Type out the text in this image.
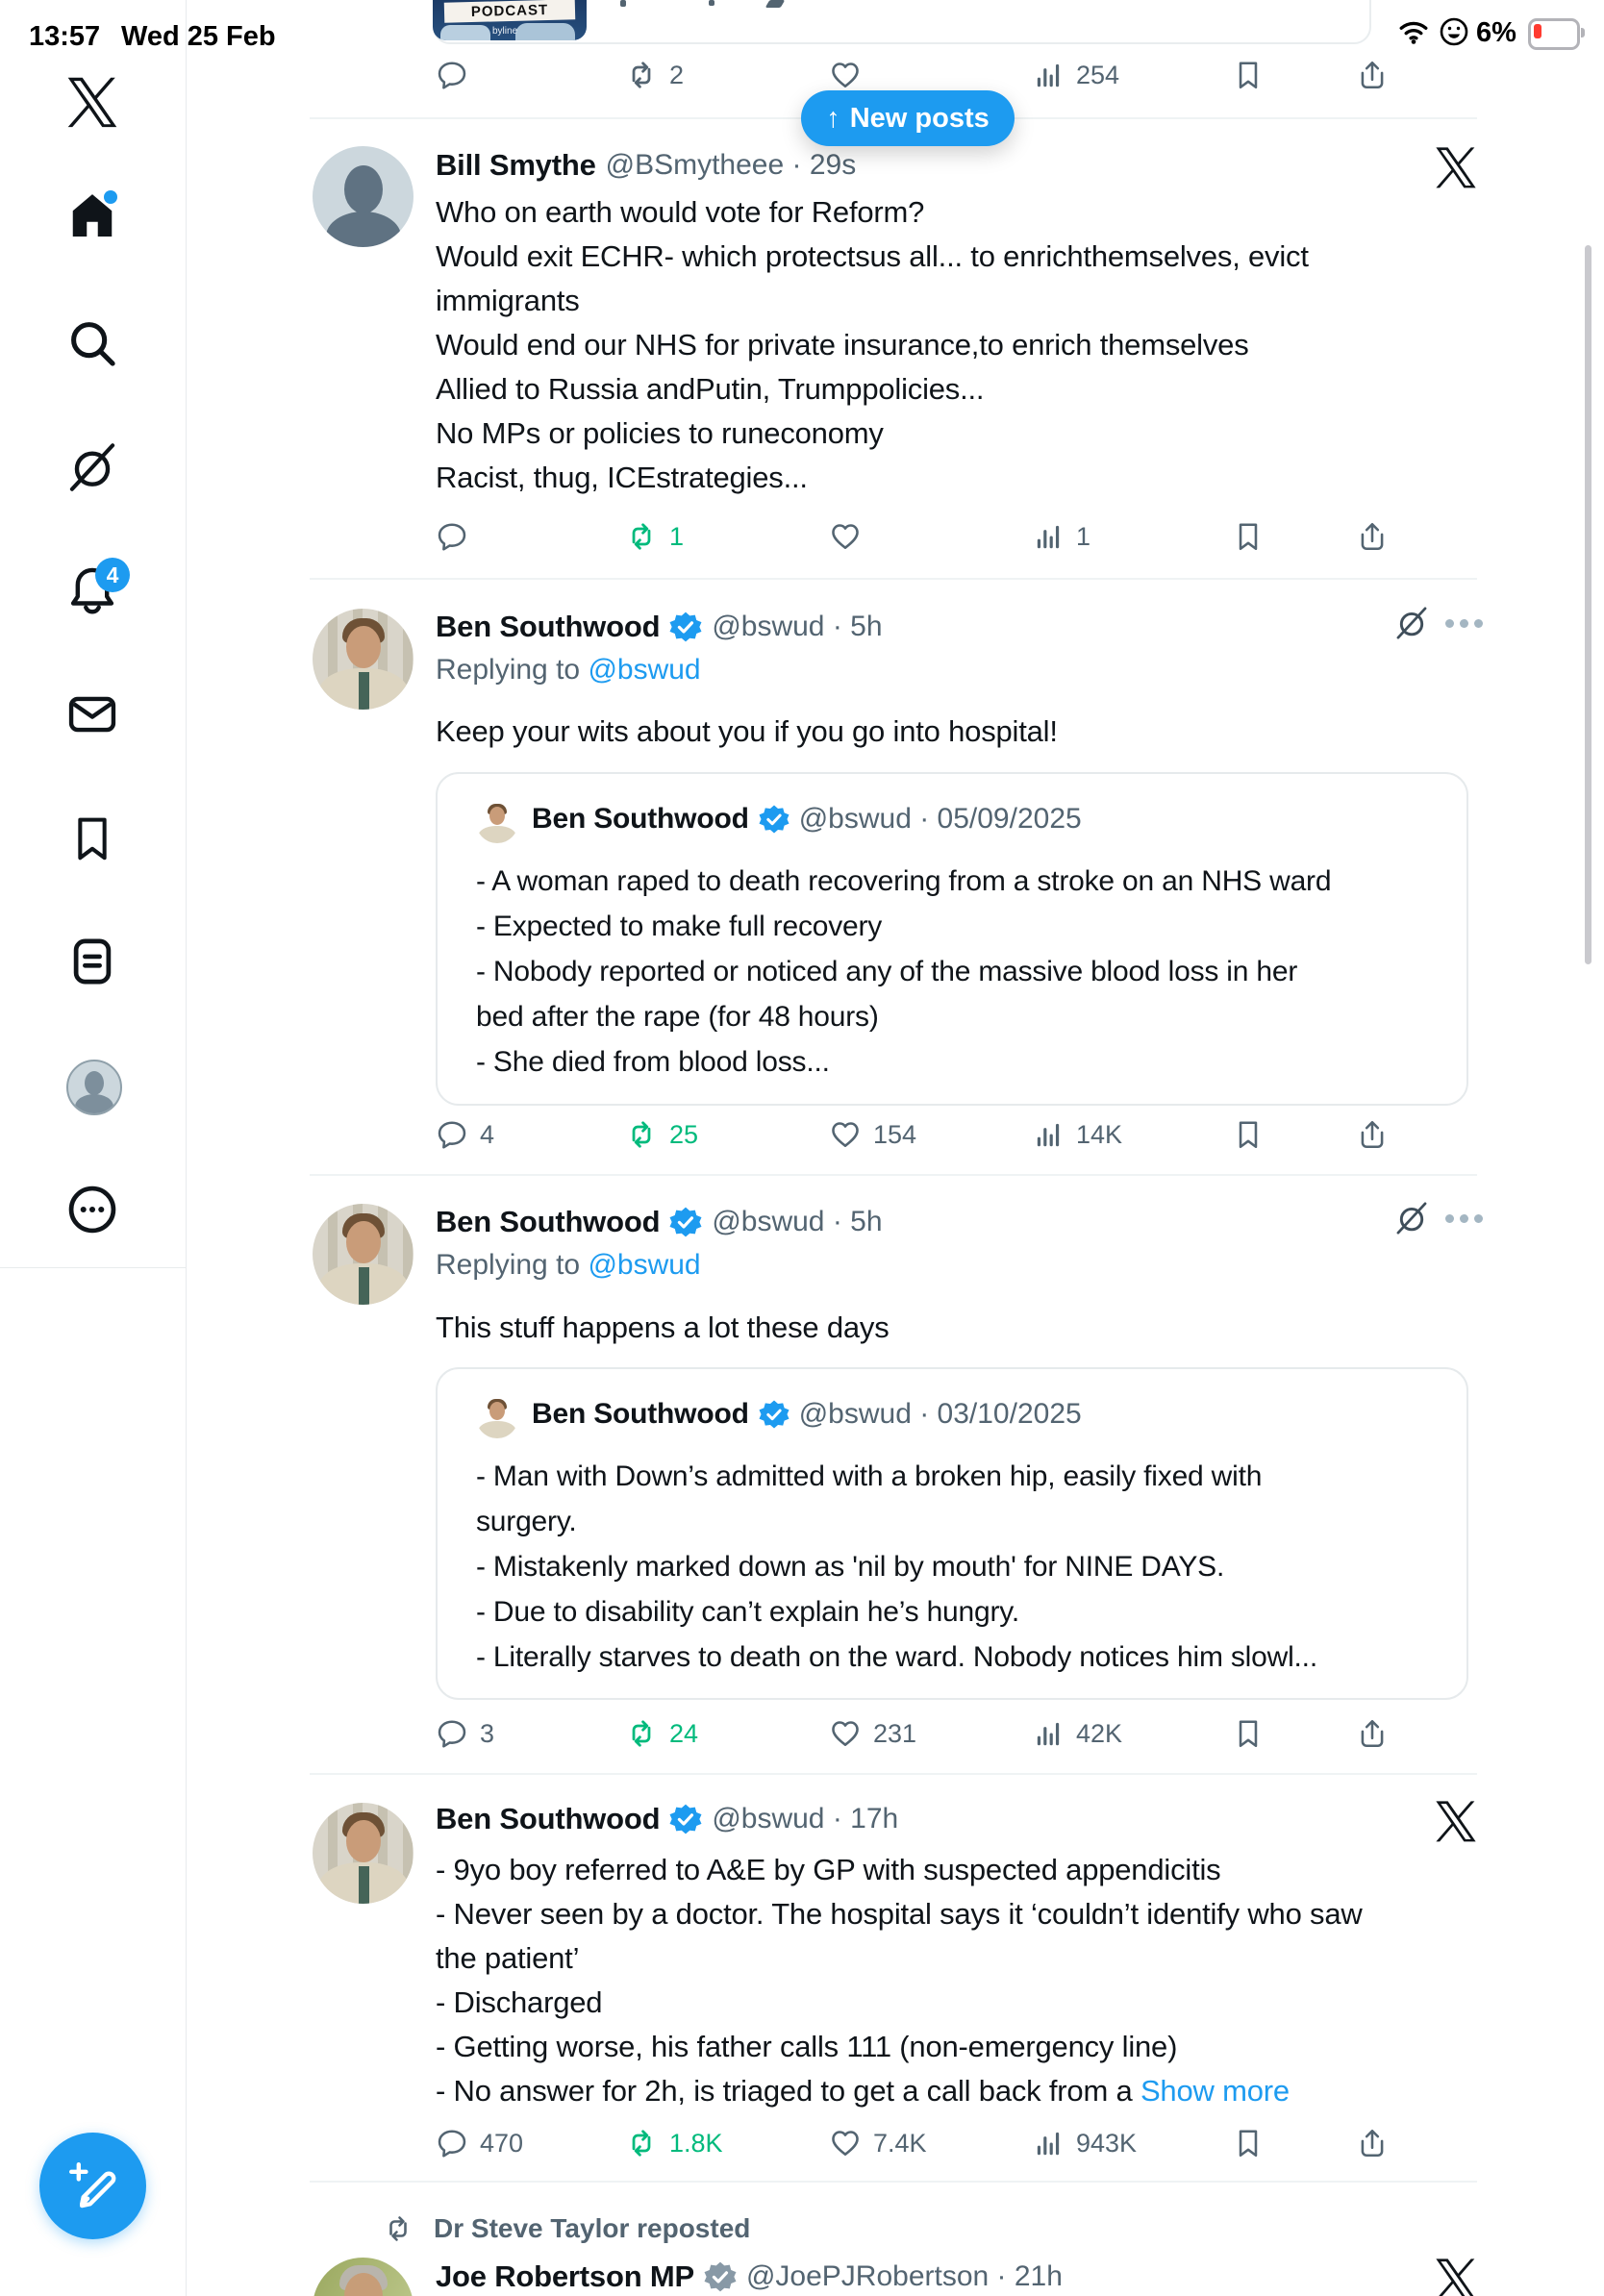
4
PODCAST
byline
2	254
↑ New posts
Bill Smythe @BSmytheee · 29s
Who on earth would vote for Reform?
Would exit ECHR- which protectsus all... to enrichthemselves, evict
immigrants
Would end our NHS for private insurance,to enrich themselves
Allied to Russia andPutin, Trumppolicies...
No MPs or policies to runeconomy
Racist, thug, ICEstrategies...
1	1
Ben Southwood @bswud · 5h
Replying to @bswud
Keep your wits about you if you go into hospital!
Ben Southwood @bswud · 05/09/2025
- A woman raped to death recovering from a stroke on an NHS ward
- Expected to make full recovery
- Nobody reported or noticed any of the massive blood loss in her
bed after the rape (for 48 hours)
- She died from blood loss...
4	25	154	14K
Ben Southwood @bswud · 5h
Replying to @bswud
This stuff happens a lot these days
Ben Southwood @bswud · 03/10/2025
- Man with Down’s admitted with a broken hip, easily fixed with
surgery.
- Mistakenly marked down as 'nil by mouth' for NINE DAYS.
- Due to disability can’t explain he’s hungry.
- Literally starves to death on the ward. Nobody notices him slowl...
3	24	231	42K
Ben Southwood @bswud · 17h
- 9yo boy referred to A&E by GP with suspected appendicitis
- Never seen by a doctor. The hospital says it ‘couldn’t identify who saw
the patient’
- Discharged
- Getting worse, his father calls 111 (non-emergency line)
- No answer for 2h, is triaged to get a call back from a Show more
470	1.8K	7.4K	943K
Dr Steve Taylor reposted
Joe Robertson MP @JoePJRobertson · 21h
13:57 Wed 25 Feb	6%
